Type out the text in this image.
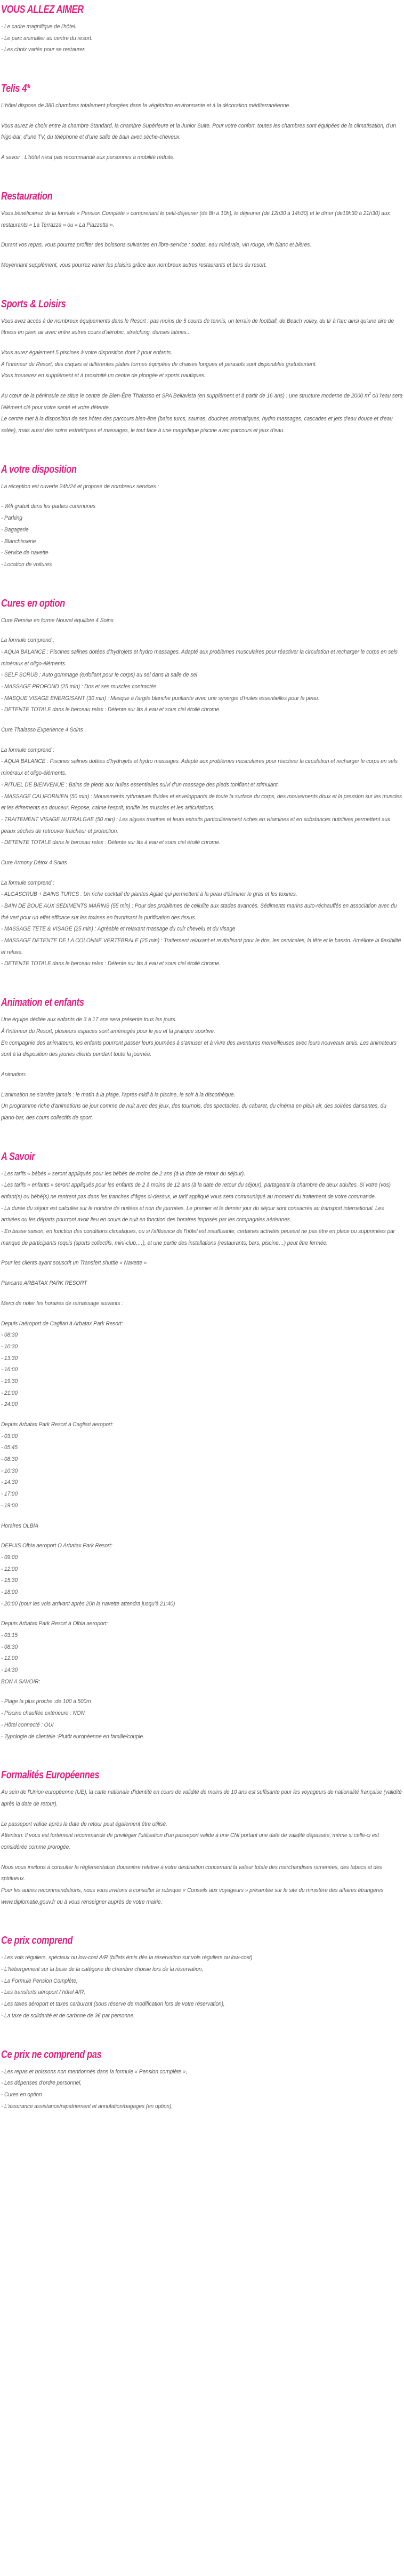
VOUS ALLEZ AIMER

- Le cadre magnifique de l'hôtel.

- Le parc animalier au centre du resort.

- Les choix variés pour se restaurer.

Telis 4*

L'hôtel dispose de 380 chambres totalement plongées dans la végétation environnante et à la décoration méditerranéenne.

Vous aurez le choix entre la chambre Standard, la chambre Supérieure et la Junior Suite. Pour votre confort, toutes les chambres sont équipées de la climatisation, d'un frigo-bar, d'une TV, du téléphone et d'une salle de bain avec sèche-cheveux.

A savoir : L'hôtel n'est pas recommandé aux personnes à mobilité réduite.

Restauration

Vous bénéficierez de la formule « Pension Complète » comprenant le petit-déjeuner (de 8h à 10h), le déjeuner (de 12h30 à 14h30) et le dîner (de19h30 à 21h30) aux restaurants « La Terrazza » ou « La Piazzetta ».

Durant vos repas, vous pourrez profiter des boissons suivantes en libre-service : sodas, eau minérale, vin rouge, vin blanc et bières.

Moyennant supplément, vous pourrez varier les plaisirs grâce aux nombreux autres restaurants et bars du resort.

Sports & Loisirs

Vous avez accès à de nombreux équipements dans le Resort : pas moins de 5 courts de tennis, un terrain de football, de Beach volley, du tir à l'arc ainsi qu'une aire de fitness en plein air avec entre autres cours d'aérobic, stretching, danses latines...

Vous aurez également 5 piscines à votre disposition dont 2 pour enfants.

A l'intérieur du Resort, des criques et différentes plates formes équipées de chaises longues et parasols sont disponibles gratuitement.

Vous trouverez en supplément et à proximité un centre de plongée et sports nautiques.

Au cœur de la péninsule se situe le centre de Bien-Être Thalasso et SPA Bellavista (en supplément et à partir de 16 ans) : une structure moderne de 2000 $m^2$ où l'eau sera l'élément clé pour votre santé et votre détente.

Le centre met à la disposition de ses hôtes des parcours bien-être (bains turcs, saunas, douches aromatiques, hydro massages, cascades et jets d'eau douce et d'eau salée), mais aussi des soins esthétiques et massages, le tout face à une magnifique piscine avec parcours et jeux d'eau.

A votre disposition

La réception est ouverte 24h/24 et propose de nombreux services :

- Wifi gratuit dans les parties communes

- Parking

- Bagagerie

- Blanchisserie

- Service de navette

- Location de voitures

Cures en option

Cure Remise en forme Nouvel équilibre 4 Soins

La formule comprend :

- AQUA BALANCE : Piscines salines dotées d'hydrojets et hydro massages. Adapté aux problèmes musculaires pour réactiver la circulation et recharger le corps en sels minéraux et oligo-éléments.

- SELF SCRUB : Auto gommage (exfoliant pour le corps) au sel dans la salle de sel

- MASSAGE PROFOND (25 min) : Dos et ses muscles contractés

- MASQUE VISAGE ENERGISANT (30 min) : Masque à l'argile blanche purifiante avec une synergie d'huiles essentielles pour la peau.

- DETENTE TOTALE dans le berceau relax : Détente sur lits à eau et sous ciel étoilé chrome.

Cure Thalasso Experience 4 Soins

La formule comprend :

- AQUA BALANCE : Piscines salines dotées d'hydrojets et hydro massages. Adapté aux problèmes musculaires pour réactiver la circulation et recharger le corps en sels minéraux et oligo-éléments.

- RITUEL DE BIENVENUE : Bains de pieds aux huiles essentielles suivi d'un massage des pieds tonifiant et stimulant.

- MASSAGE CALIFORNIEN (50 min) : Mouvements rythmiques fluides et enveloppants de toute la surface du corps, des mouvements doux et la pression sur les muscles et les étirements en douceur. Repose, calme l'esprit, tonifie les muscles et les articulations.

- TRAITEMENT VISAGE NUTRALGAE (50 min) : Les algues marines et leurs extraits particulièrement riches en vitamines et en substances nutritives permettent aux peaux sèches de retrouver fraicheur et protection.

- DETENTE TOTALE dans le berceau relax : Détente sur lits à eau et sous ciel étoilé chrome.

Cure Armony Détox 4 Soins

La formule comprend :

- ALGASCRUB + BAINS TURCS : Un riche cocktail de plantes Aglaé qui permettent à la peau d'éliminer le gras et les toxines.

- BAIN DE BOUE AUX SEDIMENTS MARINS (55 min) : Pour des problèmes de cellulite aux stades avancés. Sédiments marins auto-réchauffés en association avec du thé vert pour un effet efficace sur les toxines en favorisant la purification des tissus.

- MASSAGE TETE & VISAGE (25 min) : Agréable et relaxant massage du cuir chevelu et du visage

- MASSAGE DETENTE DE LA COLONNE VERTEBRALE (25 min) : Traitement relaxant et revitalisant pour le dos, les cervicales, la tête et le bassin. Améliore la flexibilité et relaxe.

- DETENTE TOTALE dans le berceau relax : Détente sur lits à eau et sous ciel étoilé chrome.

Animation et enfants

Une équipe dédiée aux enfants de 3 à 17 ans sera présente tous les jours.

À l'intérieur du Resort, plusieurs espaces sont aménagés pour le jeu et la pratique sportive.

En compagnie des animateurs, les enfants pourront passer leurs journées à s'amuser et à vivre des aventures merveilleuses avec leurs nouveaux amis. Les animateurs sont à la disposition des jeunes clients pendant toute la journée.

Animation:

L'animation ne s'arrête jamais : le matin à la plage, l'après-midi à la piscine, le soir à la discothèque.

Un programme riche d'animations de jour comme de nuit avec des jeux, des tournois, des spectacles, du cabaret, du cinéma en plein air, des soirées dansantes, du piano-bar, des cours collectifs de sport.

A Savoir

- Les tarifs « bébés » seront appliqués pour les bébés de moins de 2 ans (à la date de retour du séjour).

- Les tarifs « enfants » seront appliqués pour les enfants de 2 à moins de 12 ans (à la date de retour du séjour), partageant la chambre de deux adultes. Si votre (vos) enfant(s) ou bébé(s) ne rentrent pas dans les tranches d'âges ci-dessus, le tarif appliqué vous sera communiqué au moment du traitement de votre commande.

- La durée du séjour est calculée sur le nombre de nuitées et non de journées. Le premier et le dernier jour du séjour sont consacrés au transport international. Les arrivées ou les départs pourront avoir lieu en cours de nuit en fonction des horaires imposés par les compagnies aériennes.

- En basse saison, en fonction des conditions climatiques, ou si l'affluence de l'hôtel est insuffisante, certaines activités peuvent ne pas être en place ou supprimées par manque de participants requis (sports collectifs, mini-club,…), et une partie des installations (restaurants, bars, piscine…) peut être fermée.

Pour les clients ayant souscrit un Transfert shuttle « Navette »

Pancarte ARBATAX PARK RESORT

Merci de noter les horaires de ramassage suivants :

Depuis l'aéroport de Cagliari à Arbatax Park Resort:

- 08:30

- 10:30

- 13:30

- 16:00

- 19:30

- 21:00

- 24:00

Depuis Arbatax Park Resort à Cagliari aeroport:

- 03:00

- 05:45

- 08:30

- 10:30

- 14:30

- 17:00

- 19:00

Horaires OLBIA

DEPUIS Olbia aeroport O Arbatax Park Resort:

- 09:00

- 12:00

- 15:30

- 18:00

- 20:00 (pour les vols arrivant après 20h la navette attendra jusqu'à 21:40)

Depuis Arbatax Park Resort à Olbia aeroport:

- 03:15

- 08:30

- 12:00

- 14:30

BON A SAVOIR:

- Plage la plus proche :de 100 à 500m

- Piscine chauffée extérieure : NON

- Hôtel connecté : OUI

- Typologie de clientèle :Plutôt européenne en famille/couple.

Formalités Européennes

Au sein de l'Union européenne (UE), la carte nationale d'identité en cours de validité de moins de 10 ans est suffisante pour les voyageurs de nationalité française (validité après la date de retour).

Le passeport valide après la date de retour peut également être utilisé.

Attention: Il vous est fortement recommandé de privilégier l'utilisation d'un passeport valide à une CNI portant une date de validité dépassée, même si celle-ci est considérée comme prorogée.

Nous vous invitons à consulter la réglementation douanière relative à votre destination concernant la valeur totale des marchandises ramenées, des tabacs et des spiritueux.

Pour les autres recommandations, nous vous invitons à consulter le rubrique « Conseils aux voyageurs » présentée sur le site du ministère des affaires étrangères www.diplomatie.gouv.fr ou à vous renseigner auprès de votre mairie.

Ce prix comprend

- Les vols réguliers, spéciaux ou low-cost A/R (billets émis dès la réservation sur vols réguliers ou low-cost)

- L'hébergement sur la base de la catégorie de chambre choisie lors de la réservation,

- La Formule Pension Complète,

- Les transferts aéroport / hôtel A/R,

- Les taxes aéroport et taxes carburant (sous réserve de modification lors de votre réservation),

- La taxe de solidarité et de carbone de 3€ par personne.

Ce prix ne comprend pas

- Les repas et boissons non mentionnés dans la formule « Pension complète »,

- Les dépenses d'ordre personnel,

- Cures en option

- L'assurance assistance/rapatriement et annulation/bagages (en option),
